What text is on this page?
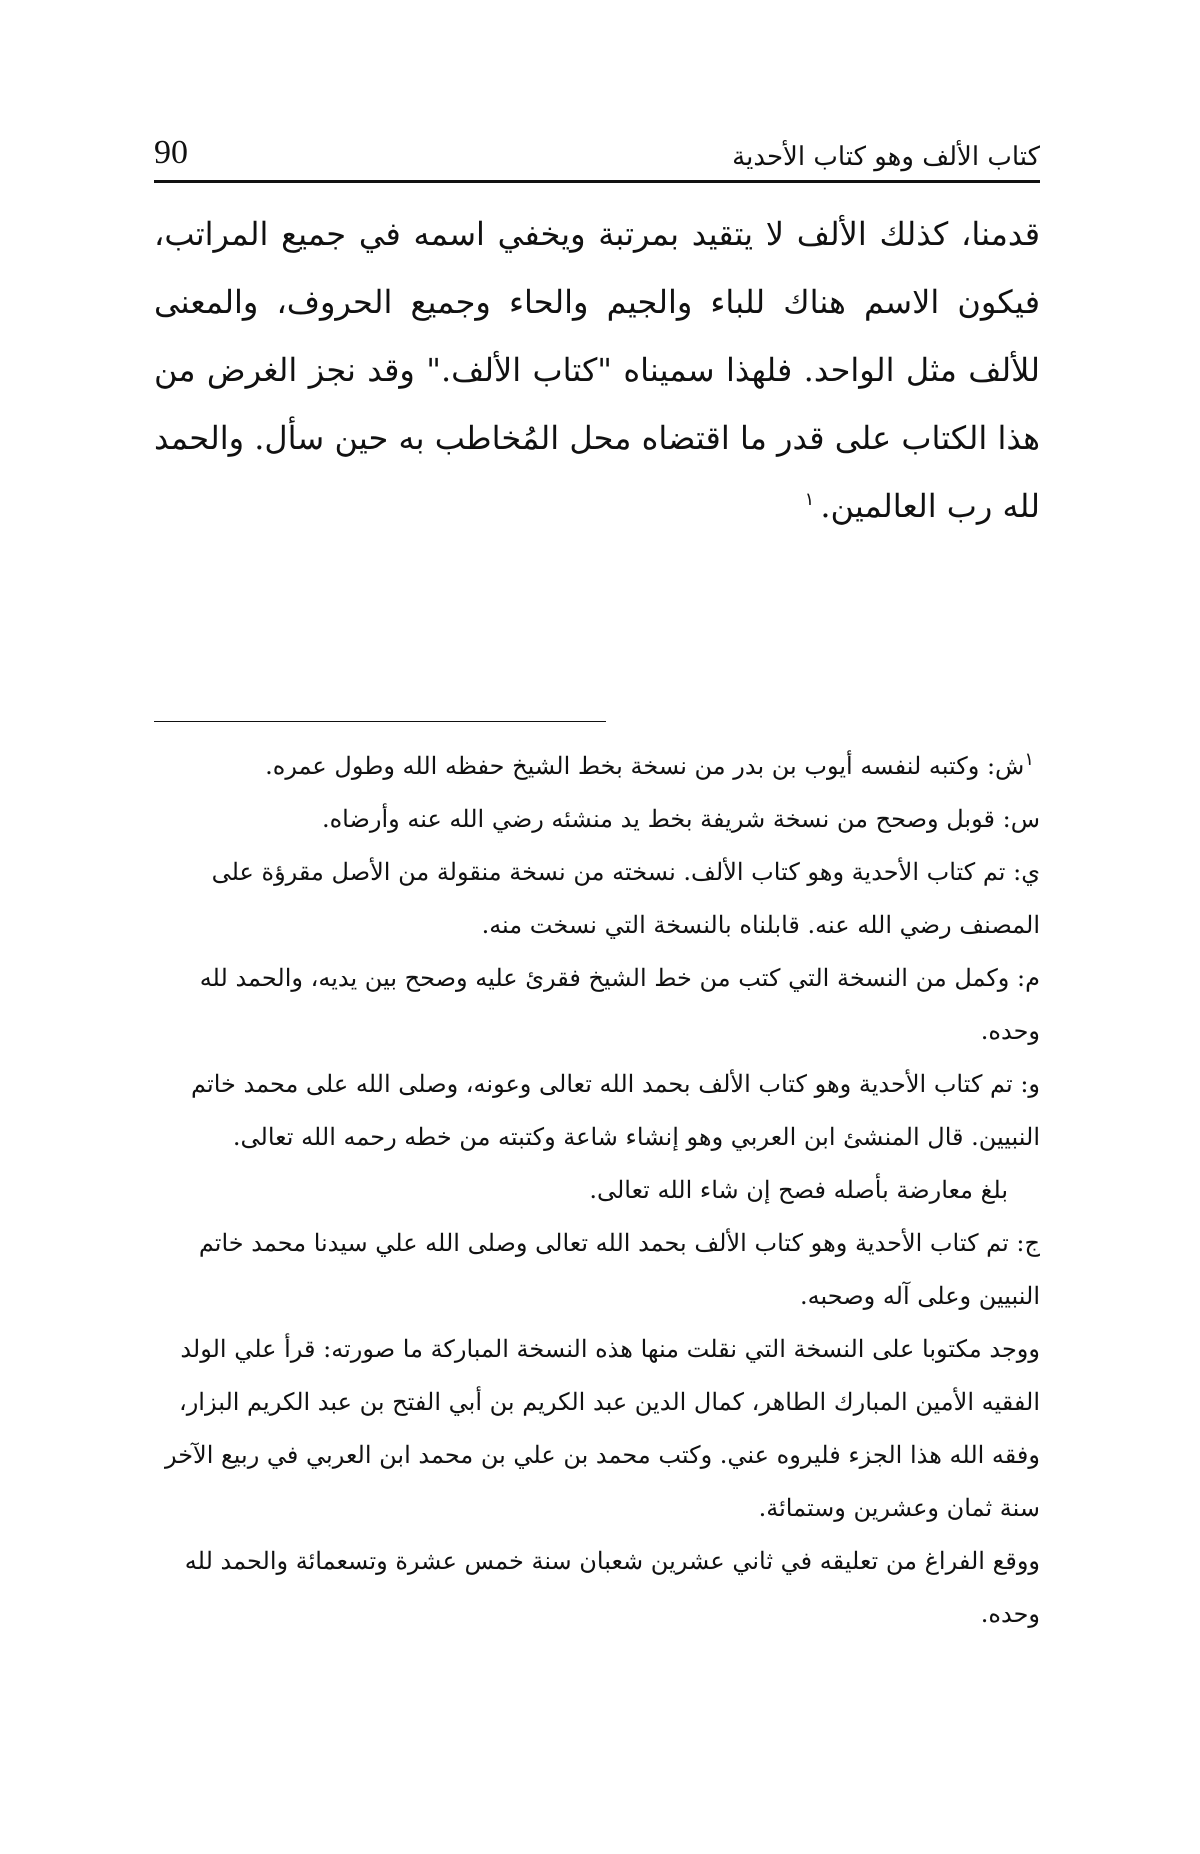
كتاب الألف وهو كتاب الأحدية
90

قدمنا، كذلك الألف لا يتقيد بمرتبة ويخفي اسمه في جميع المراتب، فيكون الاسم هناك للباء والجيم والحاء وجميع الحروف، والمعنى للألف مثل الواحد. فلهذا سميناه "كتاب الألف." وقد نجز الغرض من هذا الكتاب على قدر ما اقتضاه محل المُخاطب به حين سأل. والحمد لله رب العالمين.$^١$

$^١$ش: وكتبه لنفسه أيوب بن بدر من نسخة بخط الشيخ حفظه الله وطول عمره.

س: قوبل وصحح من نسخة شريفة بخط يد منشئه رضي الله عنه وأرضاه.

ي: تم كتاب الأحدية وهو كتاب الألف. نسخته من نسخة منقولة من الأصل مقرؤة على المصنف رضي الله عنه. قابلناه بالنسخة التي نسخت منه.

م: وكمل من النسخة التي كتب من خط الشيخ فقرئ عليه وصحح بين يديه، والحمد لله وحده.

و: تم كتاب الأحدية وهو كتاب الألف بحمد الله تعالى وعونه، وصلى الله على محمد خاتم النبيين. قال المنشئ ابن العربي وهو إنشاء شاعة وكتبته من خطه رحمه الله تعالى.
بلغ معارضة بأصله فصح إن شاء الله تعالى.

ج: تم كتاب الأحدية وهو كتاب الألف بحمد الله تعالى وصلى الله علي سيدنا محمد خاتم النبيين وعلى آله وصحبه.

ووجد مكتوبا على النسخة التي نقلت منها هذه النسخة المباركة ما صورته: قرأ علي الولد الفقيه الأمين المبارك الطاهر، كمال الدين عبد الكريم بن أبي الفتح بن عبد الكريم البزار، وفقه الله هذا الجزء فليروه عني. وكتب محمد بن علي بن محمد ابن العربي في ربيع الآخر سنة ثمان وعشرين وستمائة.

ووقع الفراغ من تعليقه في ثاني عشرين شعبان سنة خمس عشرة وتسعمائة والحمد لله وحده.
